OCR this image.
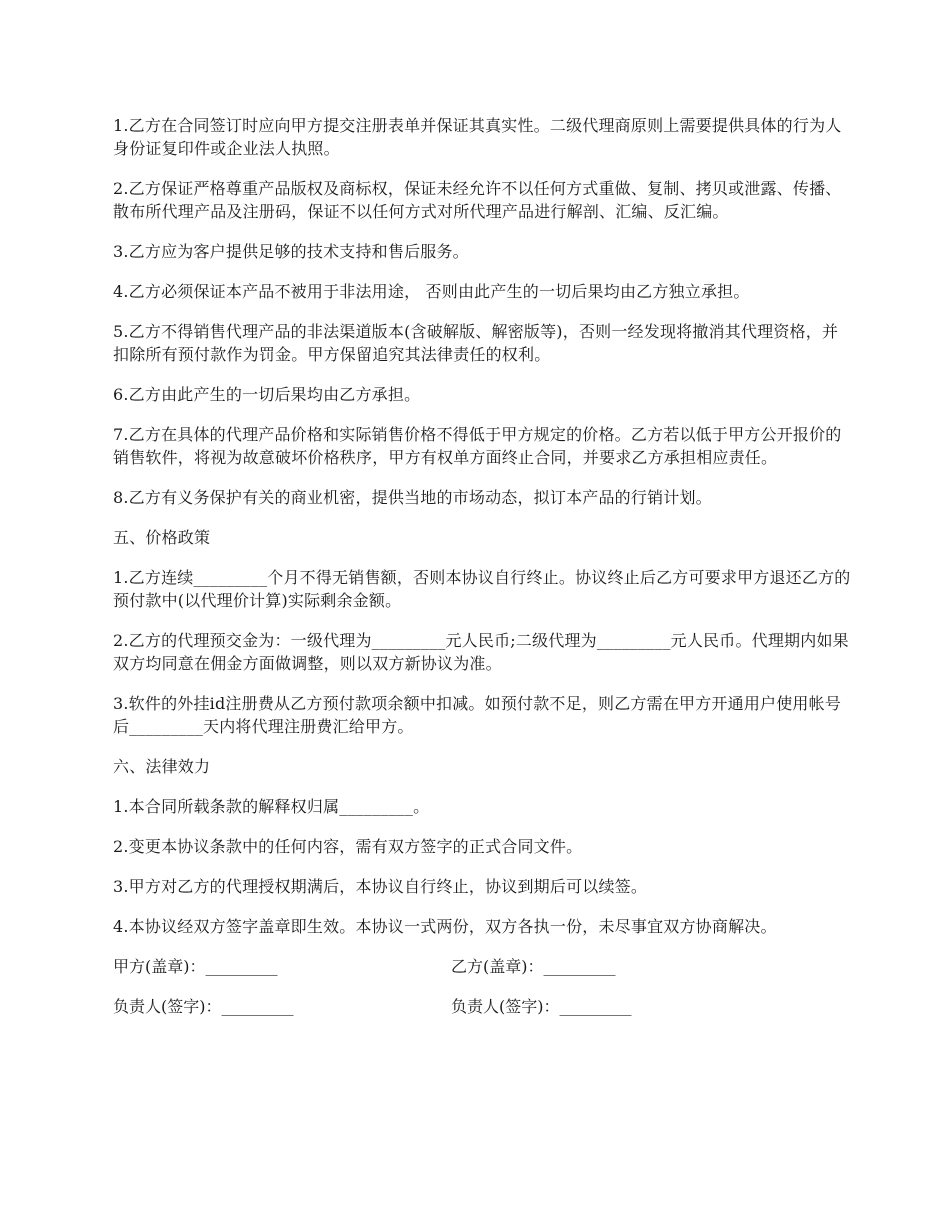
1.乙方在合同签订时应向甲方提交注册表单并保证其真实性。二级代理商原则上需要提供具体的行为人身份证复印件或企业法人执照。

2.乙方保证严格尊重产品版权及商标权，保证未经允许不以任何方式重做、复制、拷贝或泄露、传播、散布所代理产品及注册码，保证不以任何方式对所代理产品进行解剖、汇编、反汇编。

3.乙方应为客户提供足够的技术支持和售后服务。

4.乙方必须保证本产品不被用于非法用途， 否则由此产生的一切后果均由乙方独立承担。

5.乙方不得销售代理产品的非法渠道版本(含破解版、解密版等)，否则一经发现将撤消其代理资格，并扣除所有预付款作为罚金。甲方保留追究其法律责任的权利。

6.乙方由此产生的一切后果均由乙方承担。

7.乙方在具体的代理产品价格和实际销售价格不得低于甲方规定的价格。乙方若以低于甲方公开报价的销售软件，将视为故意破坏价格秩序，甲方有权单方面终止合同，并要求乙方承担相应责任。

8.乙方有义务保护有关的商业机密，提供当地的市场动态，拟订本产品的行销计划。

五、价格政策

1.乙方连续_________个月不得无销售额，否则本协议自行终止。协议终止后乙方可要求甲方退还乙方的预付款中(以代理价计算)实际剩余金额。

2.乙方的代理预交金为：一级代理为_________元人民币;二级代理为_________元人民币。代理期内如果双方均同意在佣金方面做调整，则以双方新协议为准。

3.软件的外挂id注册费从乙方预付款项余额中扣减。如预付款不足，则乙方需在甲方开通用户使用帐号后_________天内将代理注册费汇给甲方。

六、法律效力

1.本合同所载条款的解释权归属_________。

2.变更本协议条款中的任何内容，需有双方签字的正式合同文件。

3.甲方对乙方的代理授权期满后，本协议自行终止，协议到期后可以续签。

4.本协议经双方签字盖章即生效。本协议一式两份，双方各执一份，未尽事宜双方协商解决。

甲方(盖章)：_________	乙方(盖章)：_________
负责人(签字)：_________	负责人(签字)：_________
